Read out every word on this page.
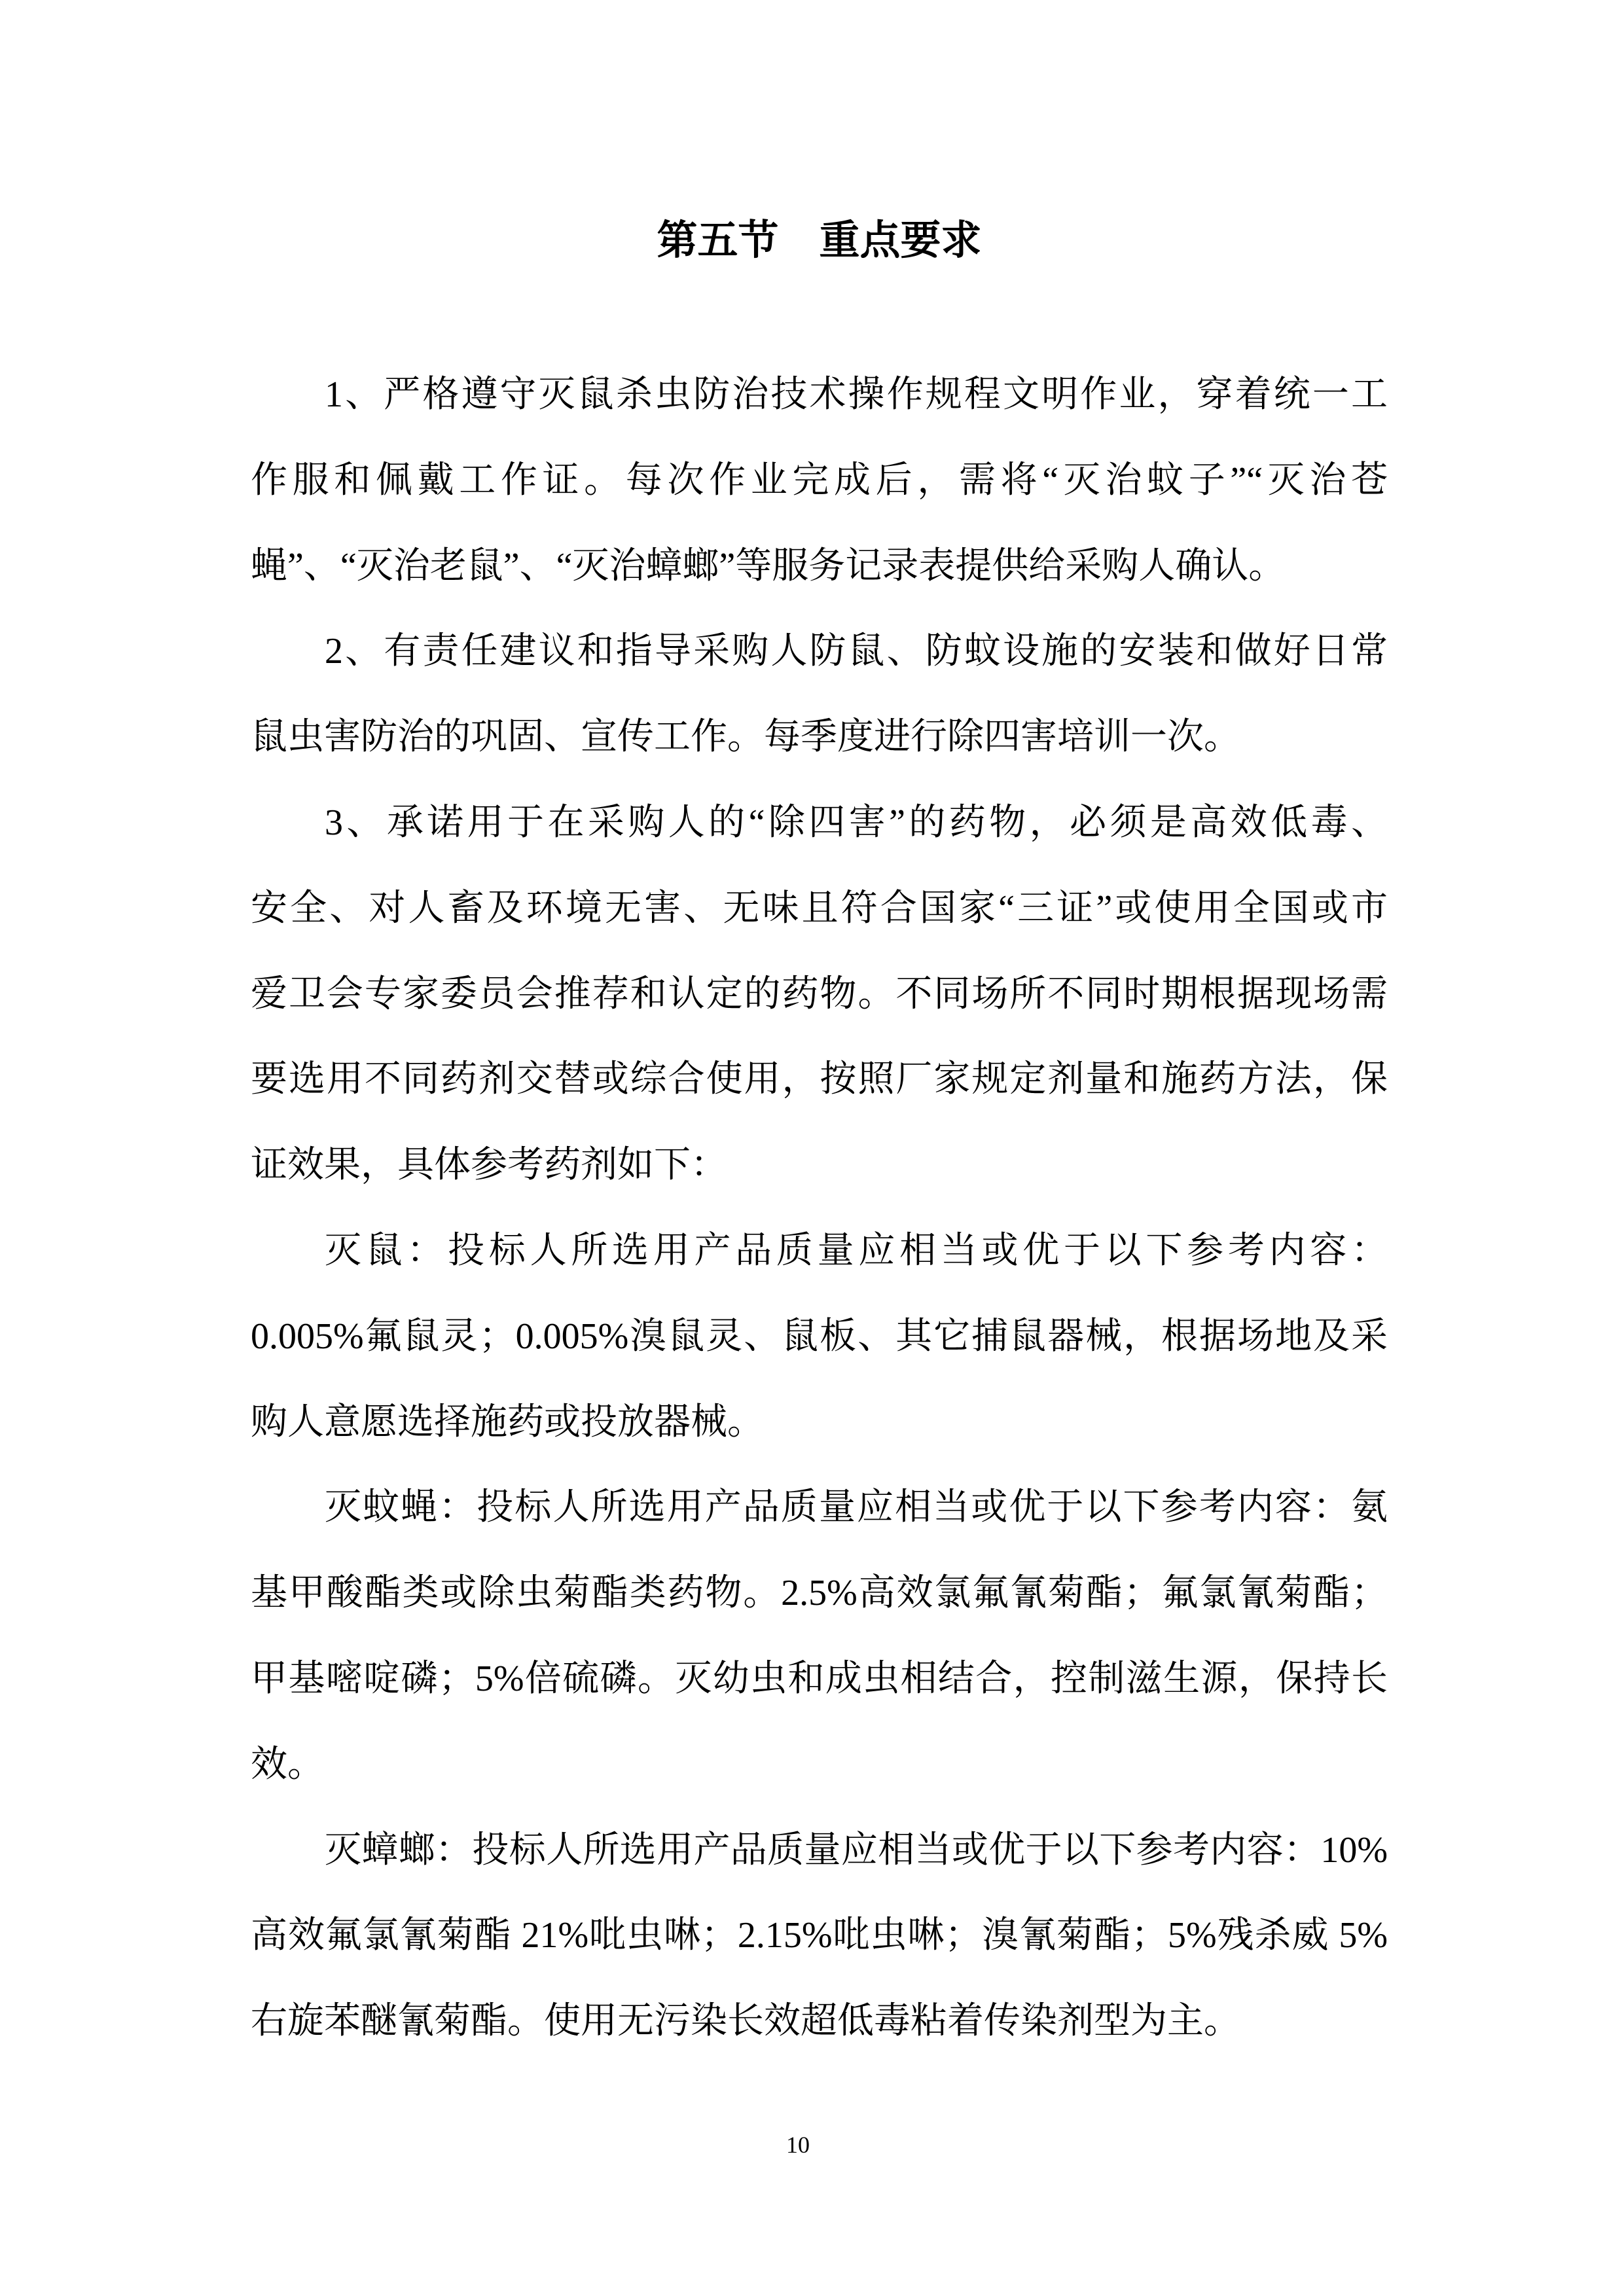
第五节　重点要求
1、严格遵守灭鼠杀虫防治技术操作规程文明作业，穿着统一工
作服和佩戴工作证。每次作业完成后，需将“灭治蚊子”“灭治苍
蝇”、“灭治老鼠”、“灭治蟑螂”等服务记录表提供给采购人确认。
2、有责任建议和指导采购人防鼠、防蚊设施的安装和做好日常
鼠虫害防治的巩固、宣传工作。每季度进行除四害培训一次。
3、承诺用于在采购人的“除四害”的药物，必须是高效低毒、
安全、对人畜及环境无害、无味且符合国家“三证”或使用全国或市
爱卫会专家委员会推荐和认定的药物。不同场所不同时期根据现场需
要选用不同药剂交替或综合使用，按照厂家规定剂量和施药方法，保
证效果，具体参考药剂如下：
灭鼠：投标人所选用产品质量应相当或优于以下参考内容：
0.005%氟鼠灵；0.005%溴鼠灵、鼠板、其它捕鼠器械，根据场地及采
购人意愿选择施药或投放器械。
灭蚊蝇：投标人所选用产品质量应相当或优于以下参考内容：氨
基甲酸酯类或除虫菊酯类药物。2.5%高效氯氟氰菊酯；氟氯氰菊酯；
甲基嘧啶磷；5%倍硫磷。灭幼虫和成虫相结合，控制滋生源，保持长
效。
灭蟑螂：投标人所选用产品质量应相当或优于以下参考内容：10%
高效氟氯氰菊酯 21%吡虫啉；2.15%吡虫啉；溴氰菊酯；5%残杀威 5%
右旋苯醚氰菊酯。使用无污染长效超低毒粘着传染剂型为主。
10
